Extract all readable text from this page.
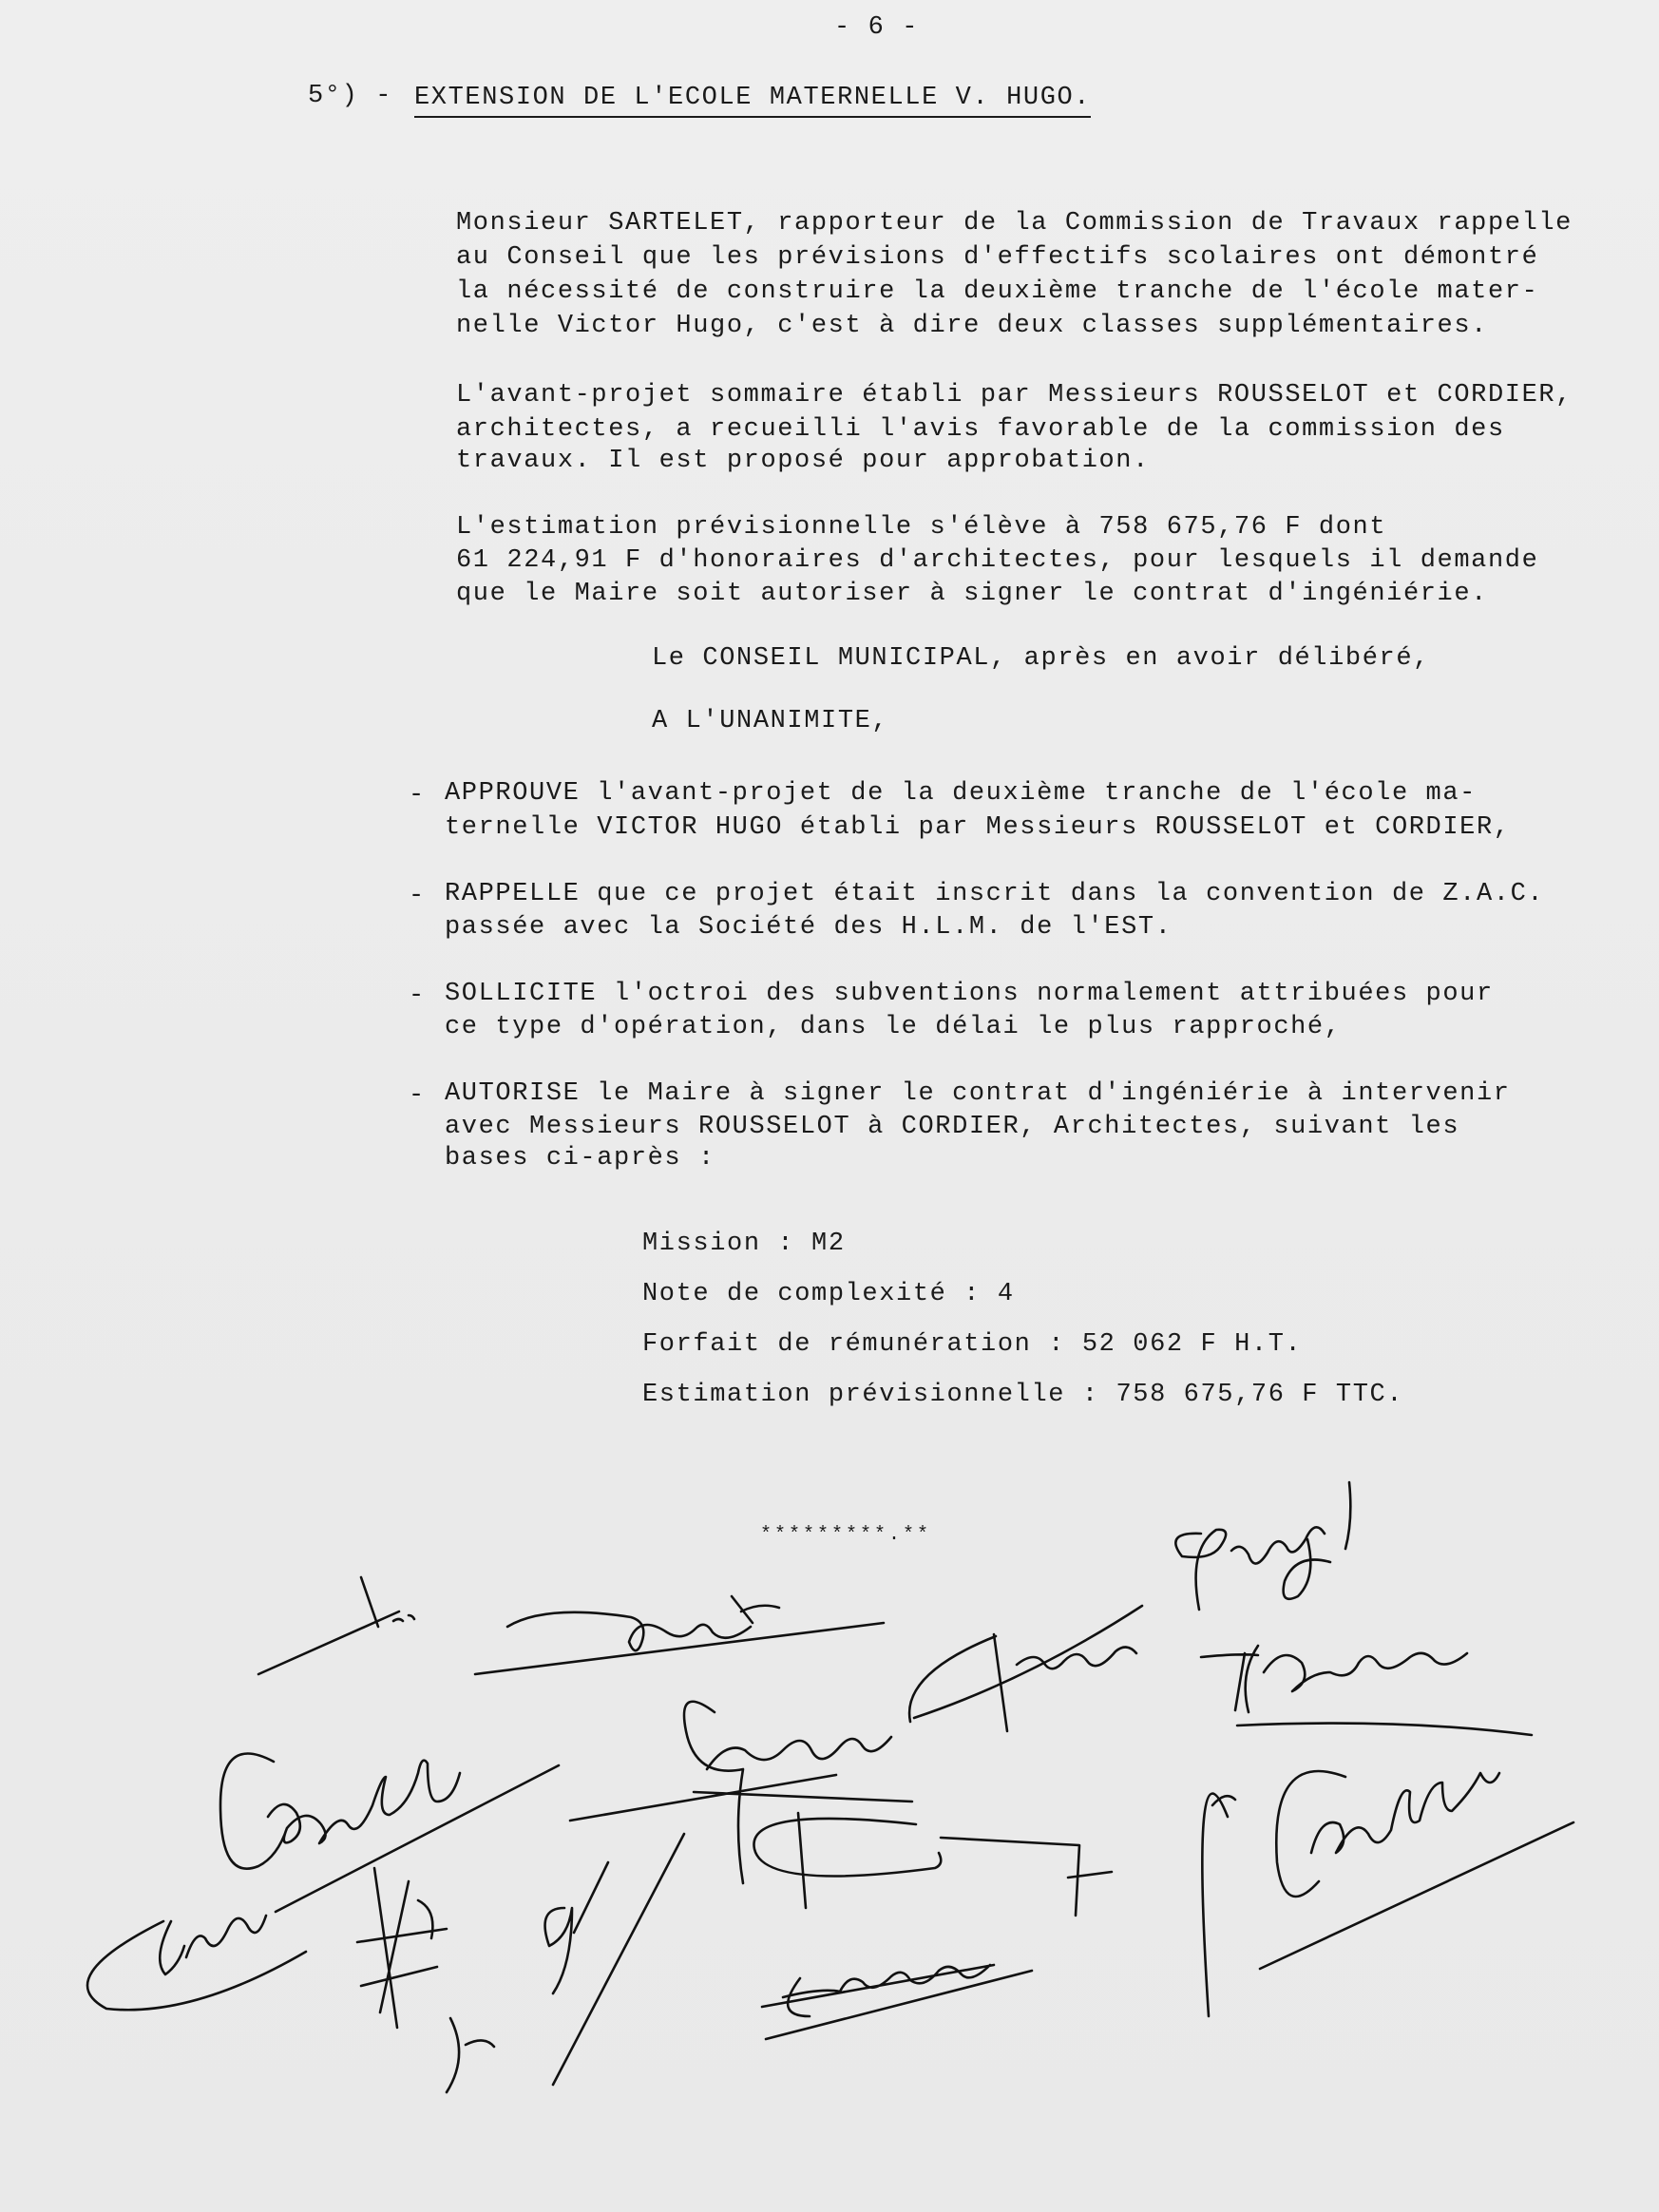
- 6 -
5°) - EXTENSION DE L'ECOLE MATERNELLE V. HUGO.
Monsieur SARTELET, rapporteur de la Commission de Travaux rappelle
au Conseil que les prévisions d'effectifs scolaires ont démontré
la nécessité de construire la deuxième tranche de l'école mater-
nelle Victor Hugo, c'est à dire deux classes supplémentaires.
L'avant-projet sommaire établi par Messieurs ROUSSELOT et CORDIER,
architectes, a recueilli l'avis favorable de la commission des
travaux. Il est proposé pour approbation.
L'estimation prévisionnelle s'élève à 758 675,76 F dont
61 224,91 F d'honoraires d'architectes, pour lesquels il demande
que le Maire soit autoriser à signer le contrat d'ingéniérie.
Le CONSEIL MUNICIPAL, après en avoir délibéré,
A L'UNANIMITE,
- APPROUVE l'avant-projet de la deuxième tranche de l'école ma-
ternelle VICTOR HUGO établi par Messieurs ROUSSELOT et CORDIER,
- RAPPELLE que ce projet était inscrit dans la convention de Z.A.C.
passée avec la Société des H.L.M. de l'EST.
- SOLLICITE l'octroi des subventions normalement attribuées pour
ce type d'opération, dans le délai le plus rapproché,
- AUTORISE le Maire à signer le contrat d'ingéniérie à intervenir
avec Messieurs ROUSSELOT à CORDIER, Architectes, suivant les
bases ci-après :
Mission : M2
Note de complexité : 4
Forfait de rémunération : 52 062 F H.T.
Estimation prévisionnelle : 758 675,76 F TTC.
*********.**
